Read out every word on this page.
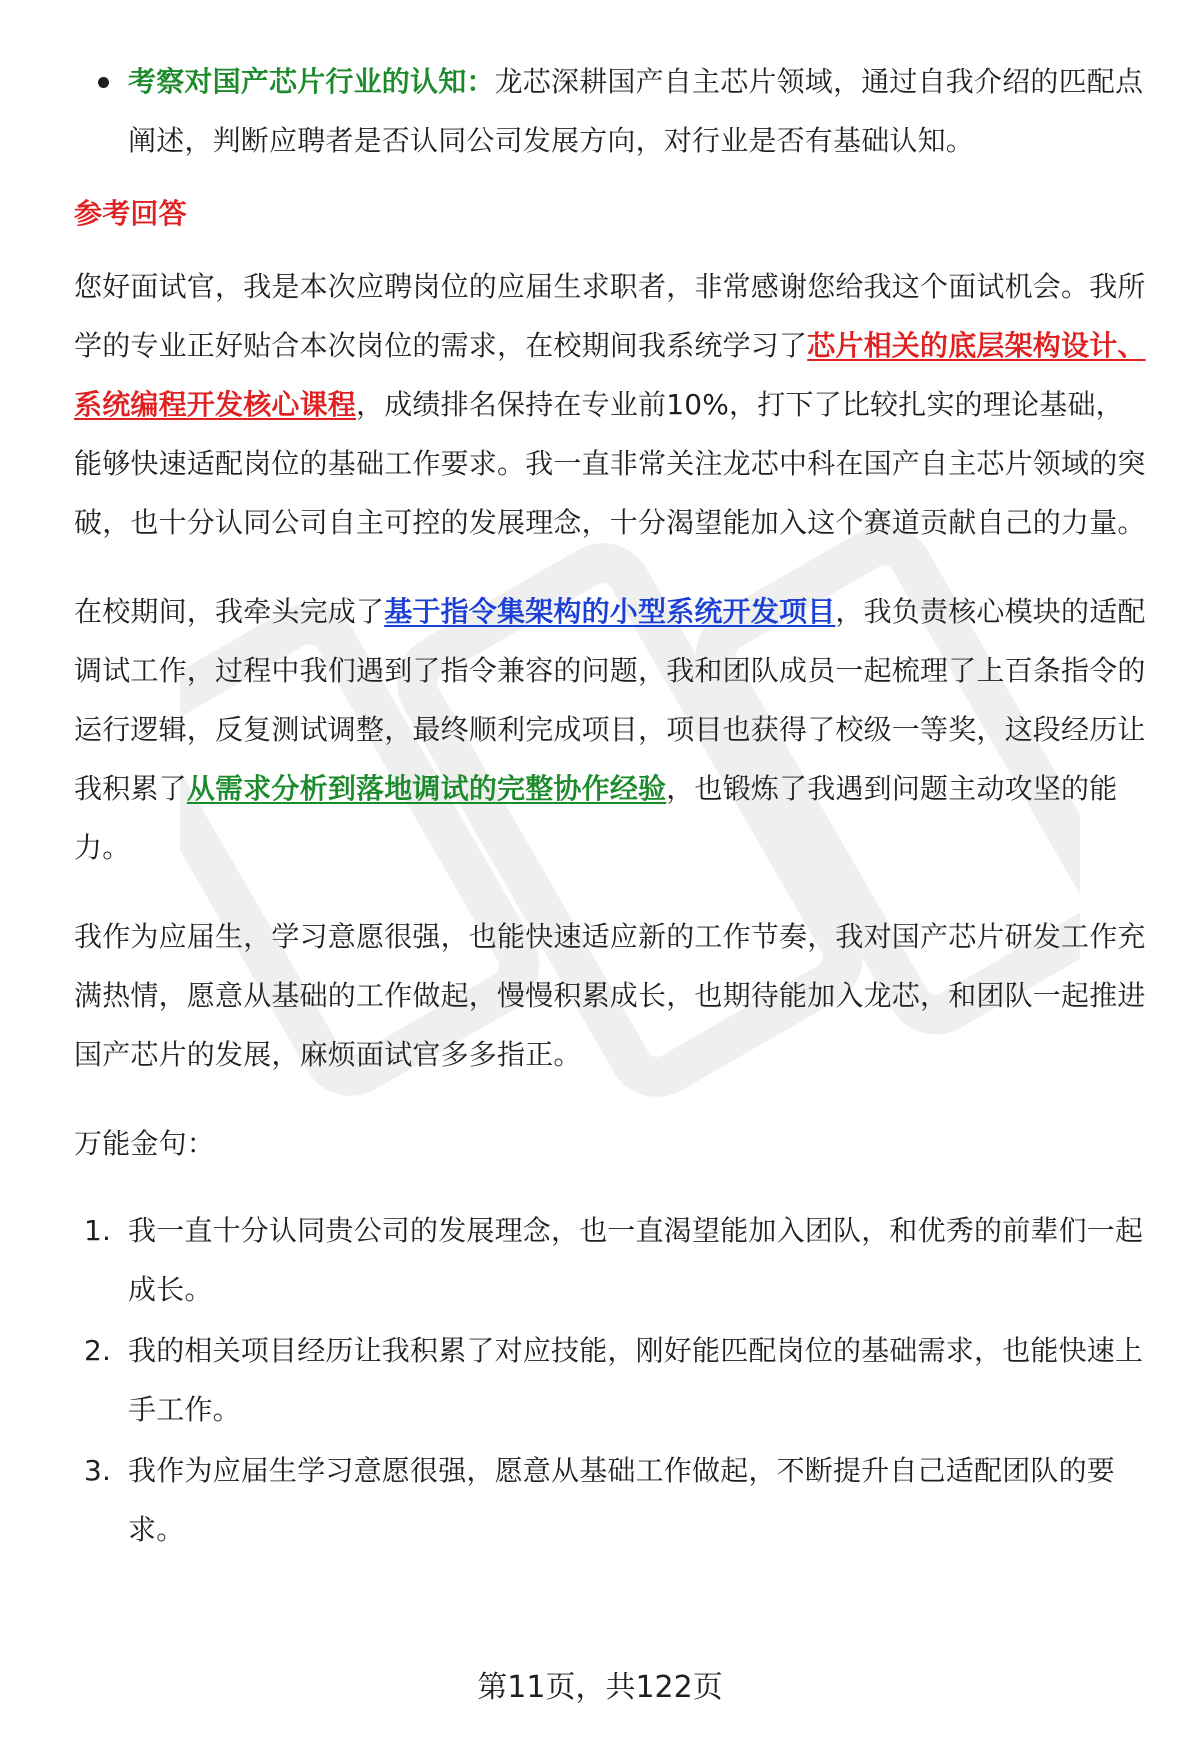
考察对国产芯片行业的认知：龙芯深耕国产自主芯片领域，通过自我介绍的匹配点阐述，判断应聘者是否认同公司发展方向，对行业是否有基础认知。
参考回答

您好面试官，我是本次应聘岗位的应届生求职者，非常感谢您给我这个面试机会。我所学的专业正好贴合本次岗位的需求，在校期间我系统学习了芯片相关的底层架构设计、系统编程开发核心课程，成绩排名保持在专业前10%，打下了比较扎实的理论基础，能够快速适配岗位的基础工作要求。我一直非常关注龙芯中科在国产自主芯片领域的突破，也十分认同公司自主可控的发展理念，十分渴望能加入这个赛道贡献自己的力量。

在校期间，我牵头完成了基于指令集架构的小型系统开发项目，我负责核心模块的适配调试工作，过程中我们遇到了指令兼容的问题，我和团队成员一起梳理了上百条指令的运行逻辑，反复测试调整，最终顺利完成项目，项目也获得了校级一等奖，这段经历让我积累了从需求分析到落地调试的完整协作经验，也锻炼了我遇到问题主动攻坚的能力。

我作为应届生，学习意愿很强，也能快速适应新的工作节奏，我对国产芯片研发工作充满热情，愿意从基础的工作做起，慢慢积累成长，也期待能加入龙芯，和团队一起推进国产芯片的发展，麻烦面试官多多指正。

万能金句：
1. 我一直十分认同贵公司的发展理念，也一直渴望能加入团队，和优秀的前辈们一起成长。
2. 我的相关项目经历让我积累了对应技能，刚好能匹配岗位的基础需求，也能快速上手工作。
3. 我作为应届生学习意愿很强，愿意从基础工作做起，不断提升自己适配团队的要求。
第11页，共122页
